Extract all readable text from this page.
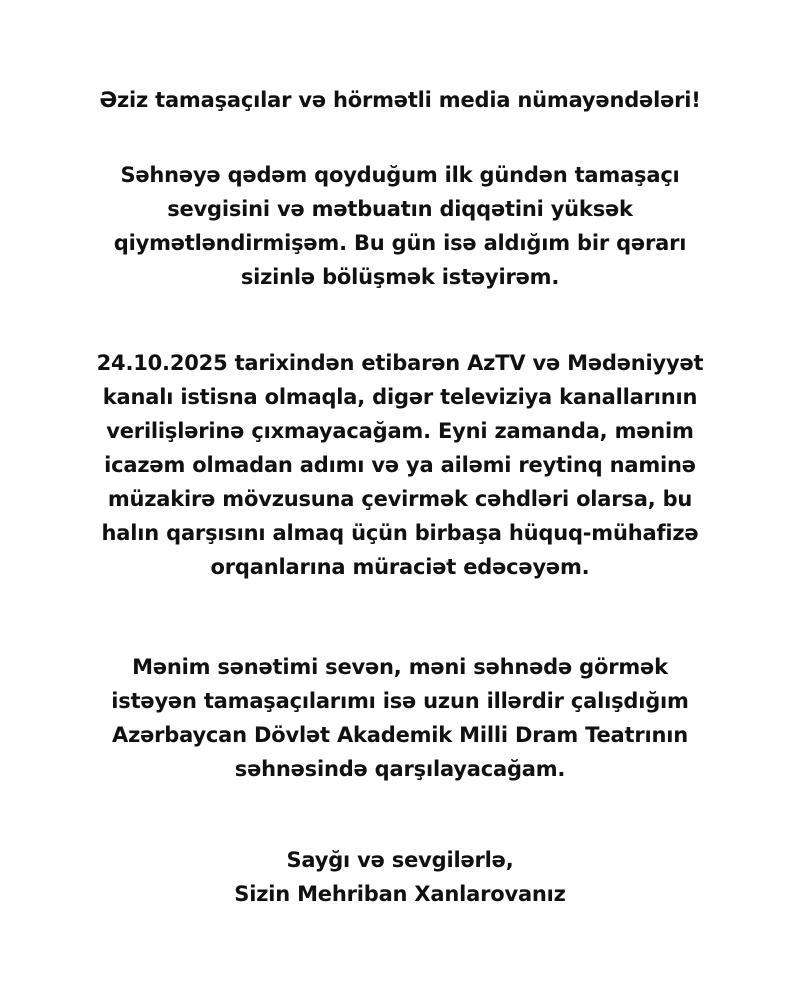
Əziz tamaşaçılar və hörmətli media nümayəndələri!

Səhnəyə qədəm qoyduğum ilk gündən tamaşaçı
sevgisini və mətbuatın diqqətini yüksək
qiymətləndirmişəm. Bu gün isə aldığım bir qərarı
sizinlə bölüşmək istəyirəm.

24.10.2025 tarixindən etibarən AzTV və Mədəniyyət
kanalı istisna olmaqla, digər televiziya kanallarının
verilişlərinə çıxmayacağam. Eyni zamanda, mənim
icazəm olmadan adımı və ya ailəmi reytinq naminə
müzakirə mövzusuna çevirmək cəhdləri olarsa, bu
halın qarşısını almaq üçün birbaşa hüquq-mühafizə
orqanlarına müraciət edəcəyəm.

Mənim sənətimi sevən, məni səhnədə görmək
istəyən tamaşaçılarımı isə uzun illərdir çalışdığım
Azərbaycan Dövlət Akademik Milli Dram Teatrının
səhnəsində qarşılayacağam.

Sayğı və sevgilərlə,
Sizin Mehriban Xanlarovanız
